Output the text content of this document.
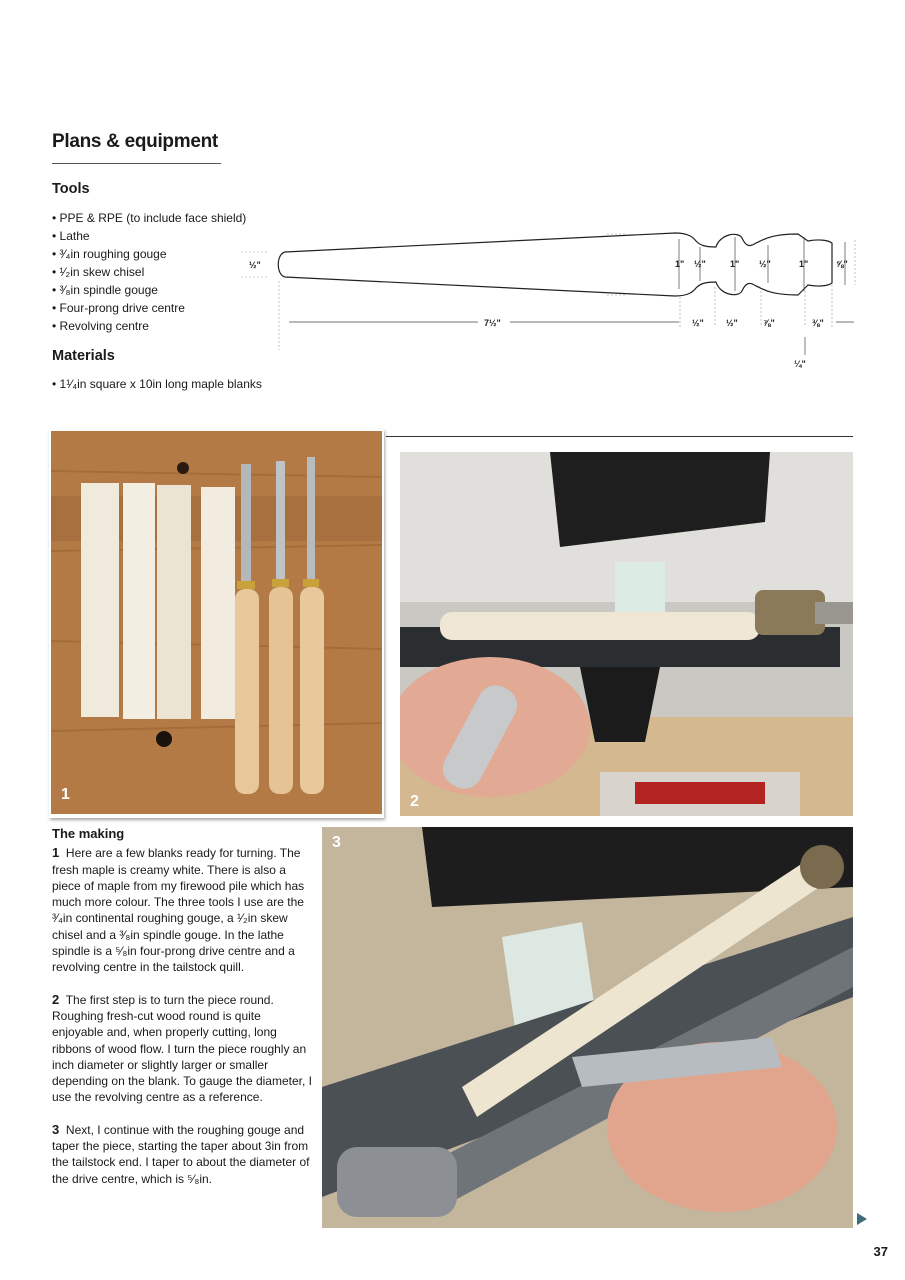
Plans & equipment
Tools
• PPE & RPE (to include face shield)
• Lathe
• ³⁄₄in roughing gouge
• ¹⁄₂in skew chisel
• ³⁄₈in spindle gouge
• Four-prong drive centre
• Revolving centre
Materials
• 1¹⁄₄in square x 10in long maple blanks
½"	1" ½"	1" ½"	1"	⅝"
7½"	½" ½"	⅞"	⅜"
¼"
1	2
3
The making

1 Here are a few blanks ready for turning. The fresh maple is creamy white. There is also a piece of maple from my firewood pile which has much more colour. The three tools I use are the ³⁄₄in continental roughing gouge, a ¹⁄₂in skew chisel and a ³⁄₈in spindle gouge. In the lathe spindle is a ⁵⁄₈in four-prong drive centre and a revolving centre in the tailstock quill.

2 The first step is to turn the piece round. Roughing fresh-cut wood round is quite enjoyable and, when properly cutting, long ribbons of wood flow. I turn the piece roughly an inch diameter or slightly larger or smaller depending on the blank. To gauge the diameter, I use the revolving centre as a reference.

3 Next, I continue with the roughing gouge and taper the piece, starting the taper about 3in from the tailstock end. I taper to about the diameter of the drive centre, which is ⁵⁄₈in.

37
